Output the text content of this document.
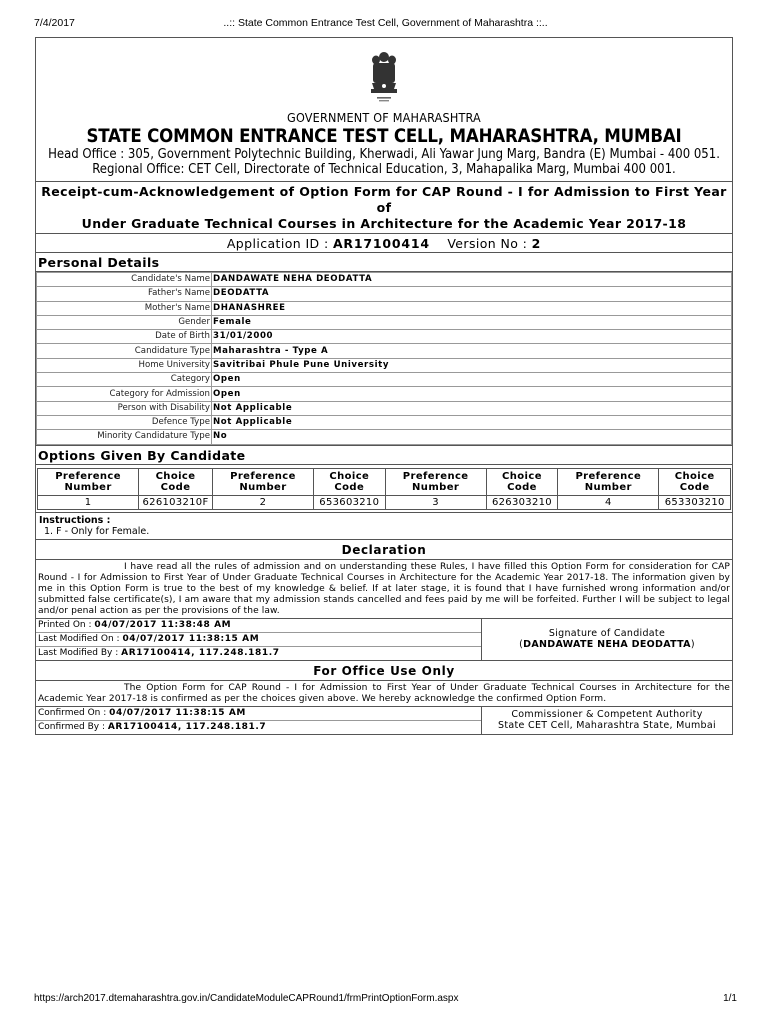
7/4/2017	..:: State Common Entrance Test Cell, Government of Maharashtra ::..
GOVERNMENT OF MAHARASHTRA
STATE COMMON ENTRANCE TEST CELL, MAHARASHTRA, MUMBAI
Head Office : 305, Government Polytechnic Building, Kherwadi, Ali Yawar Jung Marg, Bandra (E) Mumbai - 400 051.
Regional Office: CET Cell, Directorate of Technical Education, 3, Mahapalika Marg, Mumbai 400 001.
Receipt-cum-Acknowledgement of Option Form for CAP Round - I for Admission to First Year of
Under Graduate Technical Courses in Architecture for the Academic Year 2017-18
Application ID : AR17100414 Version No : 2
Personal Details
Candidate's Name	DANDAWATE NEHA DEODATTA
Father's Name	DEODATTA
Mother's Name	DHANASHREE
Gender	Female
Date of Birth	31/01/2000
Candidature Type	Maharashtra - Type A
Home University	Savitribai Phule Pune University
Category	Open
Category for Admission	Open
Person with Disability	Not Applicable
Defence Type	Not Applicable
Minority Candidature Type	No
Options Given By Candidate
Preference Number	Choice Code	Preference Number	Choice Code	Preference Number	Choice Code	Preference Number	Choice Code
1	626103210F	2	653603210	3	626303210	4	653303210
Instructions :
1. F - Only for Female.
Declaration
I have read all the rules of admission and on understanding these Rules, I have filled this Option Form for consideration for CAP Round - I for Admission to First Year of Under Graduate Technical Courses in Architecture for the Academic Year 2017-18. The information given by me in this Option Form is true to the best of my knowledge & belief. If at later stage, it is found that I have furnished wrong information and/or submitted false certificate(s), I am aware that my admission stands cancelled and fees paid by me will be forfeited. Further I will be subject to legal and/or penal action as per the provisions of the law.
Printed On : 04/07/2017 11:38:48 AM
Last Modified On : 04/07/2017 11:38:15 AM
Last Modified By : AR17100414, 117.248.181.7
Signature of Candidate
(DANDAWATE NEHA DEODATTA)
For Office Use Only
The Option Form for CAP Round - I for Admission to First Year of Under Graduate Technical Courses in Architecture for the Academic Year 2017-18 is confirmed as per the choices given above. We hereby acknowledge the confirmed Option Form.
Confirmed On : 04/07/2017 11:38:15 AM
Confirmed By : AR17100414, 117.248.181.7
Commissioner & Competent Authority
State CET Cell, Maharashtra State, Mumbai
https://arch2017.dtemaharashtra.gov.in/CandidateModuleCAPRound1/frmPrintOptionForm.aspx	1/1
